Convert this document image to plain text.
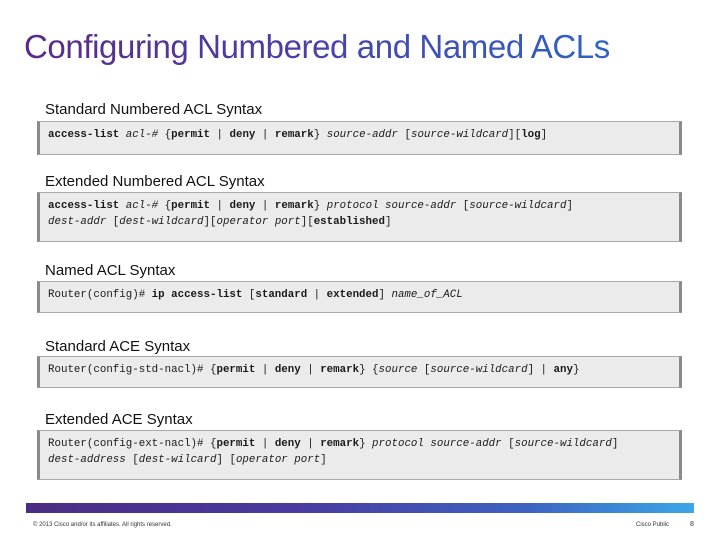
Configuring Numbered and Named ACLs
Standard Numbered ACL Syntax
access-list acl-# {permit | deny | remark} source-addr [source-wildcard][log]
Extended Numbered ACL Syntax
access-list acl-# {permit | deny | remark} protocol source-addr [source-wildcard]
dest-addr [dest-wildcard][operator port][established]
Named ACL Syntax
Router(config)# ip access-list [standard | extended] name_of_ACL
Standard ACE Syntax
Router(config-std-nacl)# {permit | deny | remark} {source [source-wildcard] | any}
Extended ACE Syntax
Router(config-ext-nacl)# {permit | deny | remark} protocol source-addr [source-wildcard]
dest-address [dest-wilcard] [operator port]
© 2013 Cisco and/or its affiliates. All rights reserved.	Cisco Public	8
